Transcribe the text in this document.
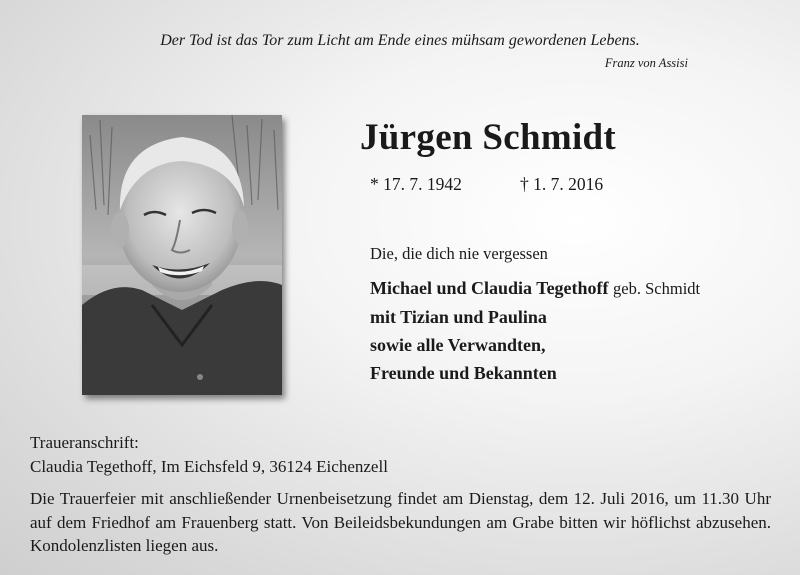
Der Tod ist das Tor zum Licht am Ende eines mühsam gewordenen Lebens.
Franz von Assisi
Jürgen Schmidt
* 17. 7. 1942	† 1. 7. 2016
Die, die dich nie vergessen
Michael und Claudia Tegethoff geb. Schmidt
mit Tizian und Paulina
sowie alle Verwandten,
Freunde und Bekannten
Traueranschrift:
Claudia Tegethoff, Im Eichsfeld 9, 36124 Eichenzell
Die Trauerfeier mit anschließender Urnenbeisetzung findet am Dienstag, dem 12. Juli 2016, um 11.30 Uhr auf dem Friedhof am Frauenberg statt. Von Beileidsbekundungen am Grabe bitten wir höflichst abzusehen. Kondolenzlisten liegen aus.
